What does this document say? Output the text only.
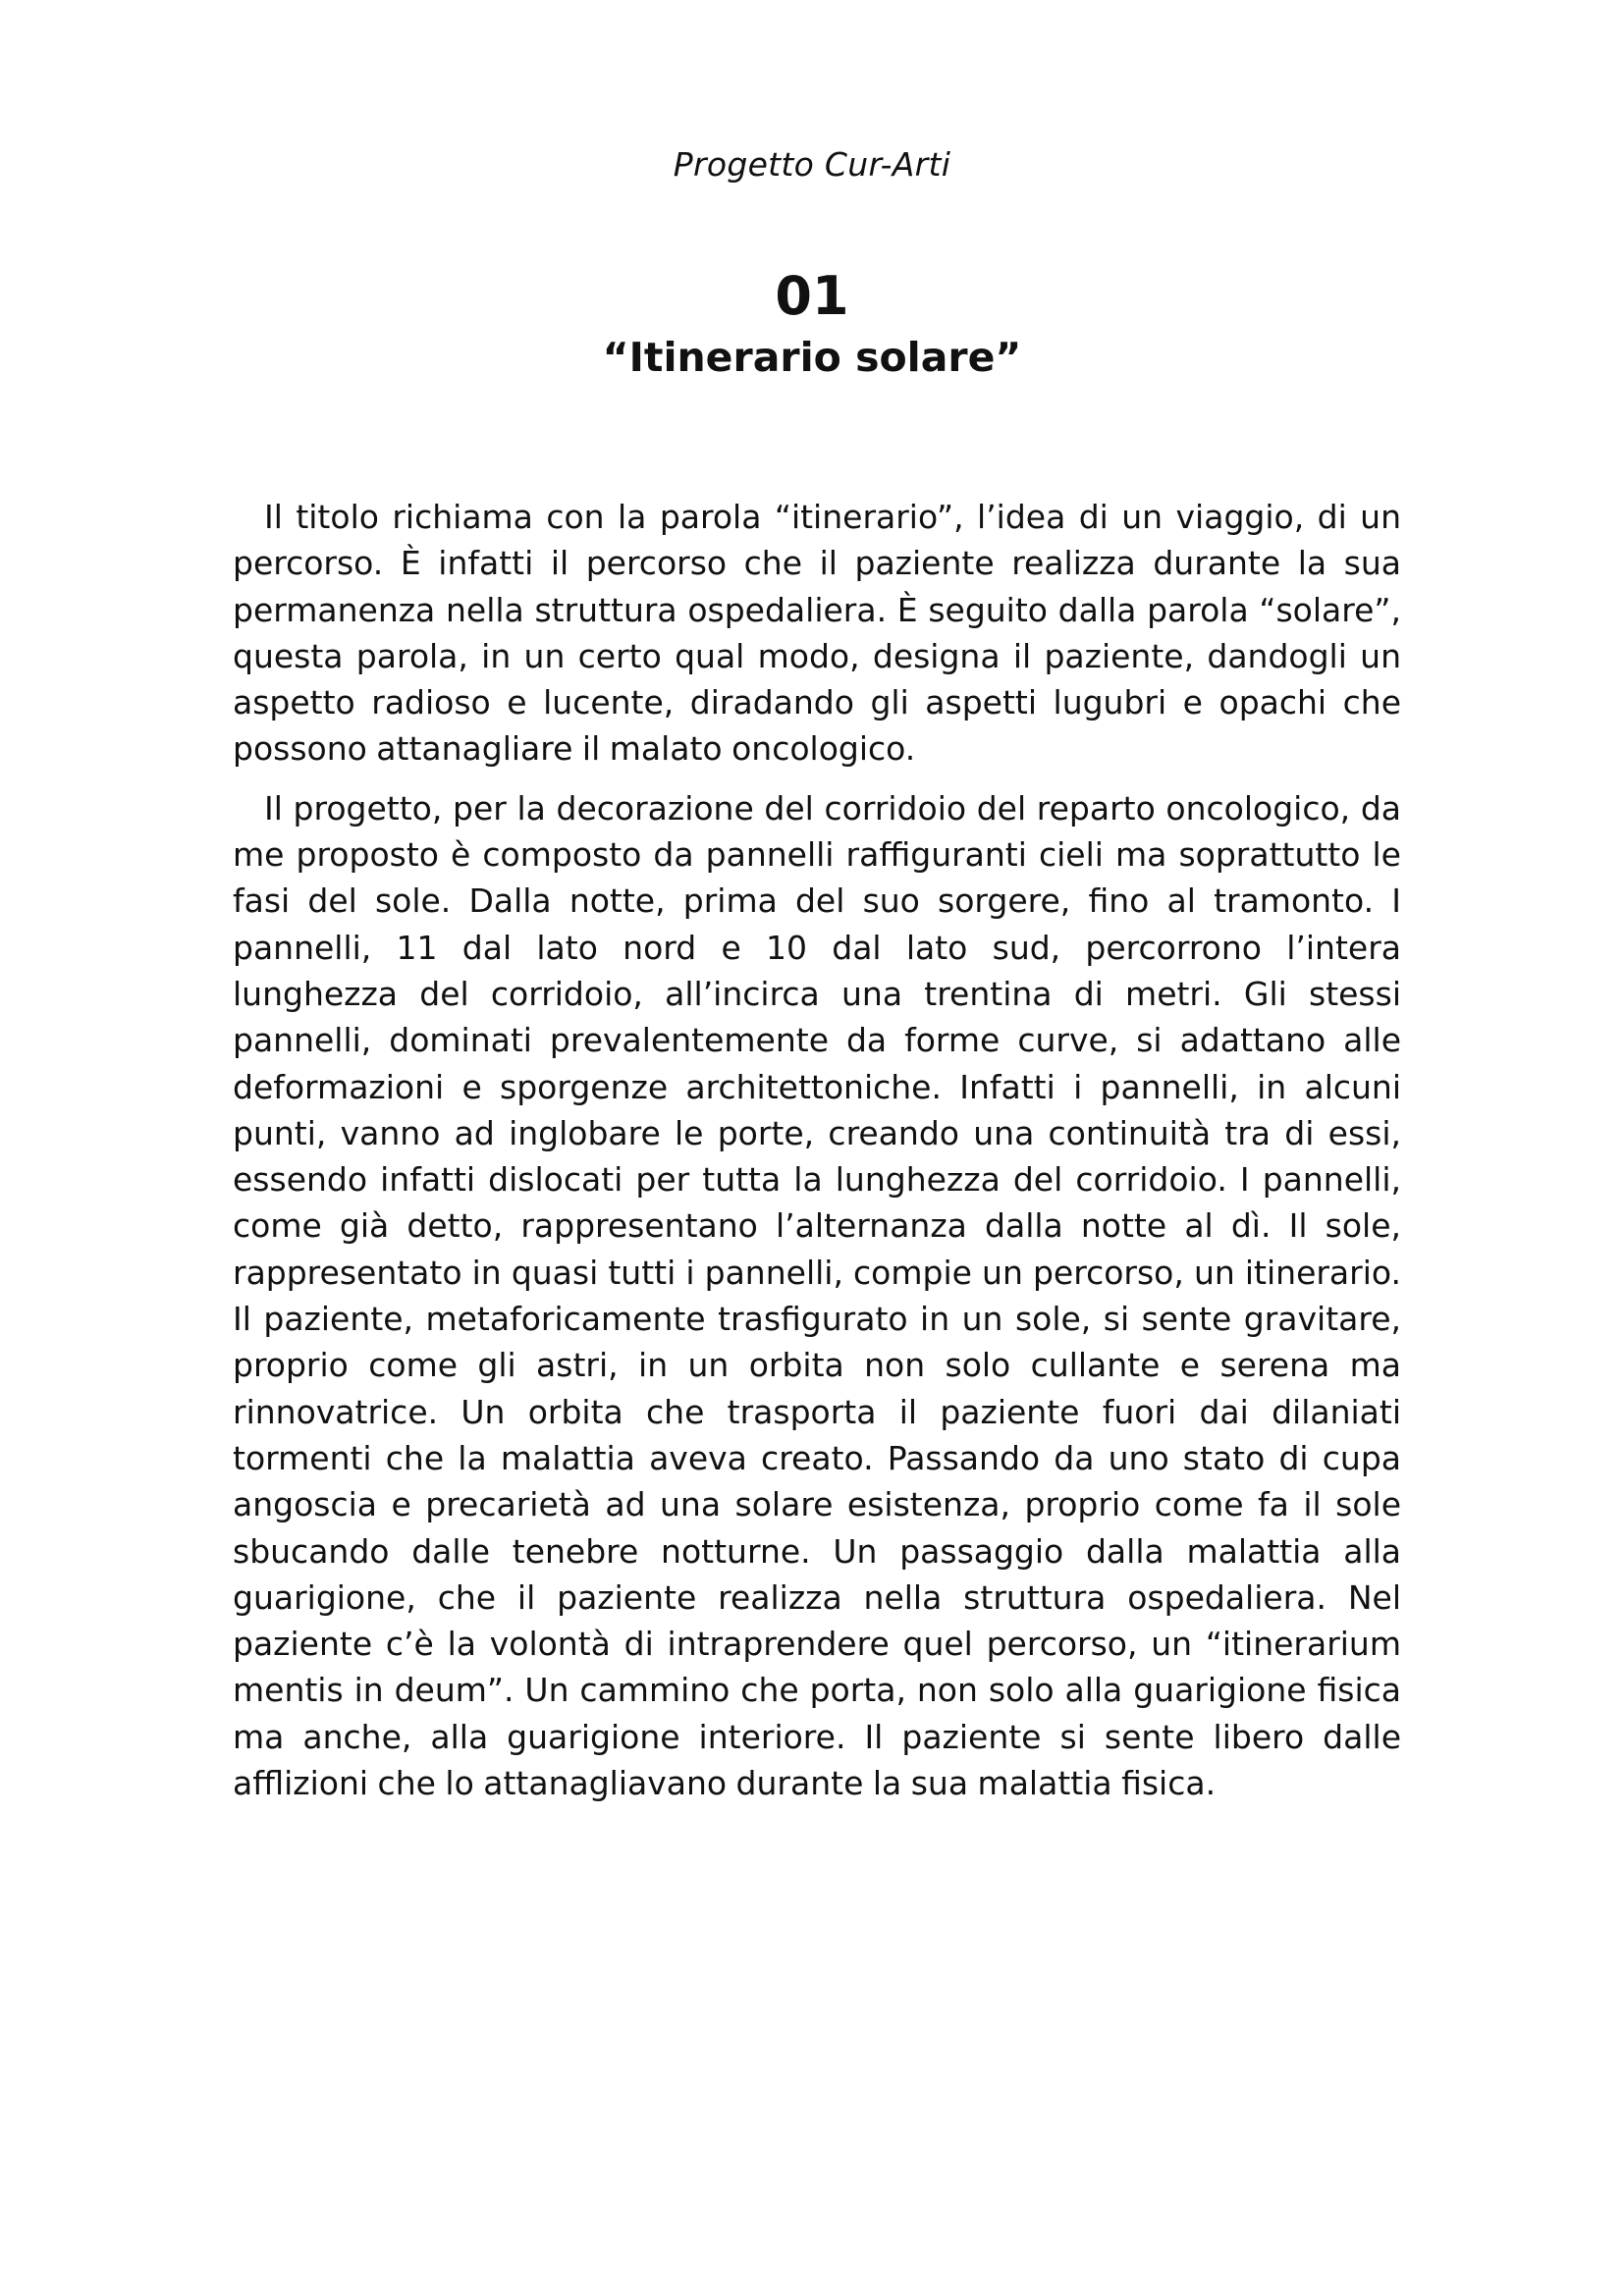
Progetto Cur-Arti
01
“Itinerario solare”

Il titolo richiama con la parola “itinerario”, l’idea di un viaggio, di un percorso. È infatti il percorso che il paziente realizza durante la sua permanenza nella struttura ospedaliera. È seguito dalla parola “solare”, questa parola, in un certo qual modo, designa il paziente, dandogli un aspetto radioso e lucente, diradando gli aspetti lugubri e opachi che possono attanagliare il malato oncologico.

Il progetto, per la decorazione del corridoio del reparto oncologico, da me proposto è composto da pannelli raffiguranti cieli ma soprattutto le fasi del sole. Dalla notte, prima del suo sorgere, fino al tramonto. I pannelli, 11 dal lato nord e 10 dal lato sud, percorrono l’intera lunghezza del corridoio, all’incirca una trentina di metri. Gli stessi pannelli, dominati prevalentemente da forme curve, si adattano alle deformazioni e sporgenze architettoniche. Infatti i pannelli, in alcuni punti, vanno ad inglobare le porte, creando una continuità tra di essi, essendo infatti dislocati per tutta la lunghezza del corridoio. I pannelli, come già detto, rappresentano l’alternanza dalla notte al dì. Il sole, rappresentato in quasi tutti i pannelli, compie un percorso, un itinerario. Il paziente, metaforicamente trasfigurato in un sole, si sente gravitare, proprio come gli astri, in un orbita non solo cullante e serena ma rinnovatrice. Un orbita che trasporta il paziente fuori dai dilaniati tormenti che la malattia aveva creato. Passando da uno stato di cupa angoscia e precarietà ad una solare esistenza, proprio come fa il sole sbucando dalle tenebre notturne. Un passaggio dalla malattia alla guarigione, che il paziente realizza nella struttura ospedaliera. Nel paziente c’è la volontà di intraprendere quel percorso, un “itinerarium mentis in deum”. Un cammino che porta, non solo alla guarigione fisica ma anche, alla guarigione interiore. Il paziente si sente libero dalle afflizioni che lo attanagliavano durante la sua malattia fisica.
